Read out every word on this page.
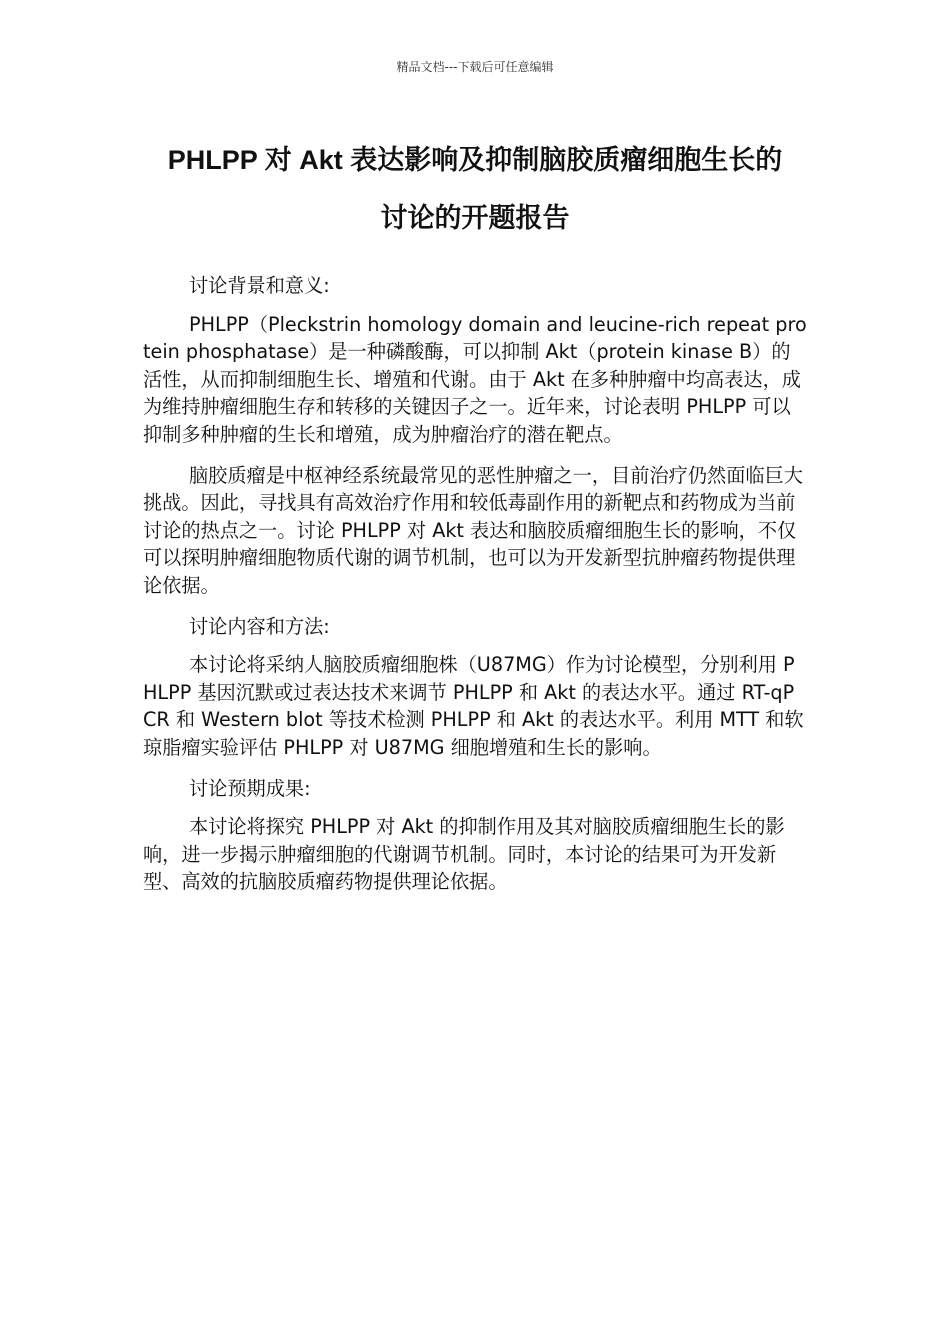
精品文档---下载后可任意编辑
PHLPP 对 Akt 表达影响及抑制脑胶质瘤细胞生长的
讨论的开题报告

讨论背景和意义:

PHLPP（Pleckstrin homology domain and leucine-rich repeat protein phosphatase）是一种磷酸酶，可以抑制 Akt（protein kinase B）的活性，从而抑制细胞生长、增殖和代谢。由于 Akt 在多种肿瘤中均高表达，成为维持肿瘤细胞生存和转移的关键因子之一。近年来，讨论表明 PHLPP 可以抑制多种肿瘤的生长和增殖，成为肿瘤治疗的潜在靶点。

脑胶质瘤是中枢神经系统最常见的恶性肿瘤之一，目前治疗仍然面临巨大挑战。因此，寻找具有高效治疗作用和较低毒副作用的新靶点和药物成为当前讨论的热点之一。讨论 PHLPP 对 Akt 表达和脑胶质瘤细胞生长的影响，不仅可以探明肿瘤细胞物质代谢的调节机制，也可以为开发新型抗肿瘤药物提供理论依据。

讨论内容和方法:

本讨论将采纳人脑胶质瘤细胞株（U87MG）作为讨论模型，分别利用 PHLPP 基因沉默或过表达技术来调节 PHLPP 和 Akt 的表达水平。通过 RT-qPCR 和 Western blot 等技术检测 PHLPP 和 Akt 的表达水平。利用 MTT 和软琼脂瘤实验评估 PHLPP 对 U87MG 细胞增殖和生长的影响。

讨论预期成果:

本讨论将探究 PHLPP 对 Akt 的抑制作用及其对脑胶质瘤细胞生长的影响，进一步揭示肿瘤细胞的代谢调节机制。同时，本讨论的结果可为开发新型、高效的抗脑胶质瘤药物提供理论依据。
